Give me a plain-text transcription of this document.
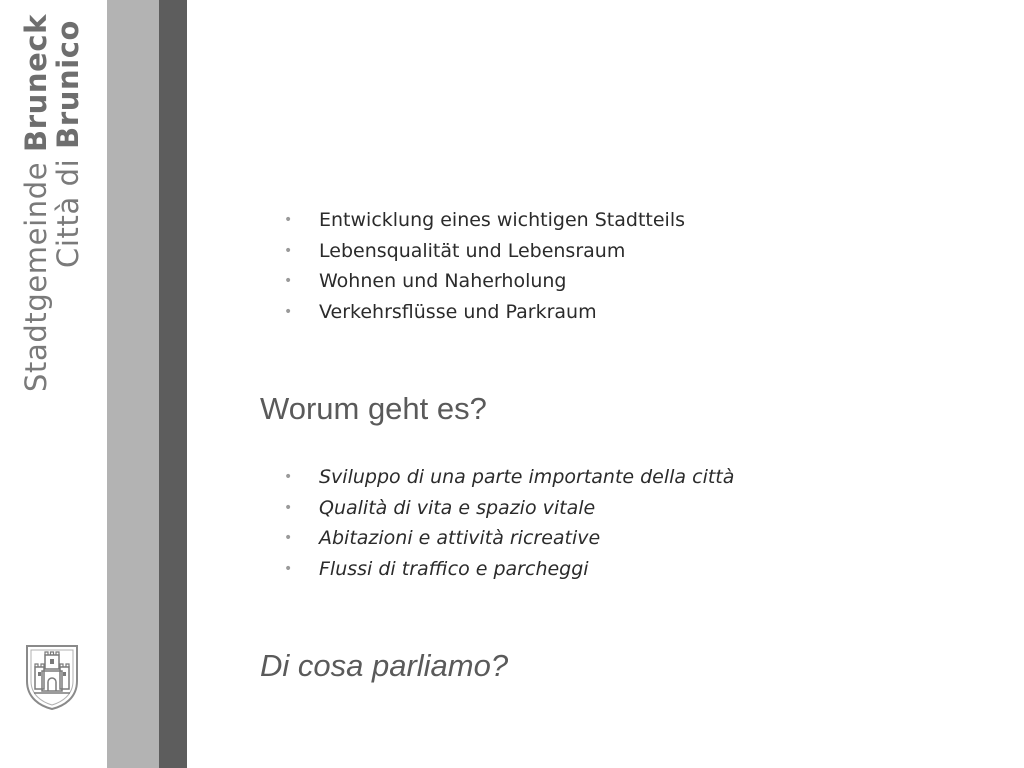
Stadtgemeinde Bruneck
Città di Brunico
• Entwicklung eines wichtigen Stadtteils
• Lebensqualität und Lebensraum
• Wohnen und Naherholung
• Verkehrsflüsse und Parkraum
Worum geht es?
• Sviluppo di una parte importante della città
• Qualità di vita e spazio vitale
• Abitazioni e attività ricreative
• Flussi di traffico e parcheggi
Di cosa parliamo?
